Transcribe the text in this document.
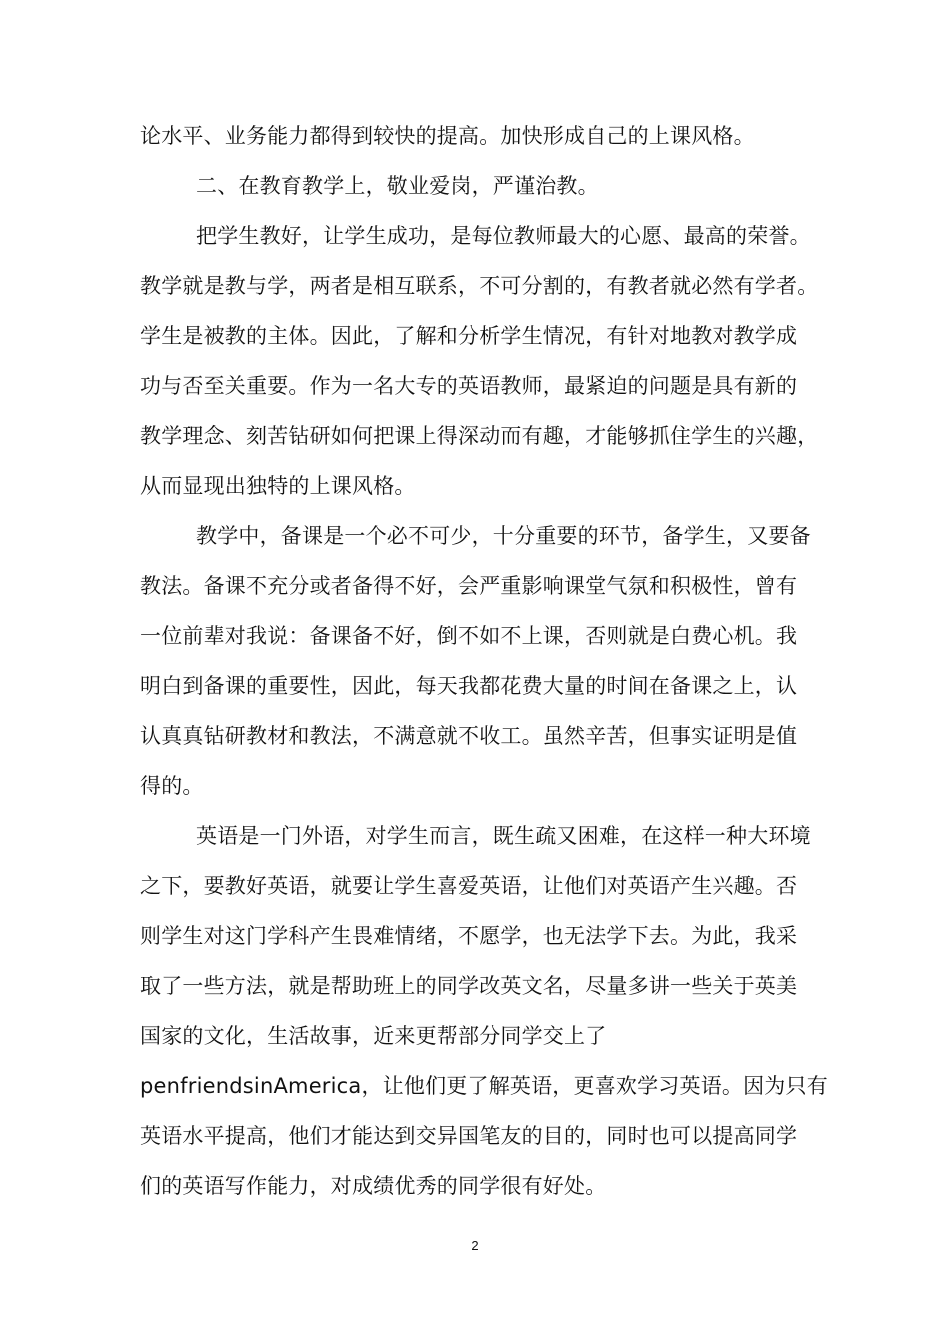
论水平、业务能力都得到较快的提高。加快形成自己的上课风格。
二、在教育教学上，敬业爱岗，严谨治教。
把学生教好，让学生成功，是每位教师最大的心愿、最高的荣誉。
教学就是教与学，两者是相互联系，不可分割的，有教者就必然有学者。
学生是被教的主体。因此，了解和分析学生情况，有针对地教对教学成
功与否至关重要。作为一名大专的英语教师，最紧迫的问题是具有新的
教学理念、刻苦钻研如何把课上得深动而有趣，才能够抓住学生的兴趣，
从而显现出独特的上课风格。
教学中，备课是一个必不可少，十分重要的环节，备学生，又要备
教法。备课不充分或者备得不好，会严重影响课堂气氛和积极性，曾有
一位前辈对我说：备课备不好，倒不如不上课，否则就是白费心机。我
明白到备课的重要性，因此，每天我都花费大量的时间在备课之上，认
认真真钻研教材和教法，不满意就不收工。虽然辛苦，但事实证明是值
得的。
英语是一门外语，对学生而言，既生疏又困难，在这样一种大环境
之下，要教好英语，就要让学生喜爱英语，让他们对英语产生兴趣。否
则学生对这门学科产生畏难情绪，不愿学，也无法学下去。为此，我采
取了一些方法，就是帮助班上的同学改英文名，尽量多讲一些关于英美
国家的文化，生活故事，近来更帮部分同学交上了
penfriendsinAmerica，让他们更了解英语，更喜欢学习英语。因为只有
英语水平提高，他们才能达到交异国笔友的目的，同时也可以提高同学
们的英语写作能力，对成绩优秀的同学很有好处。
2
